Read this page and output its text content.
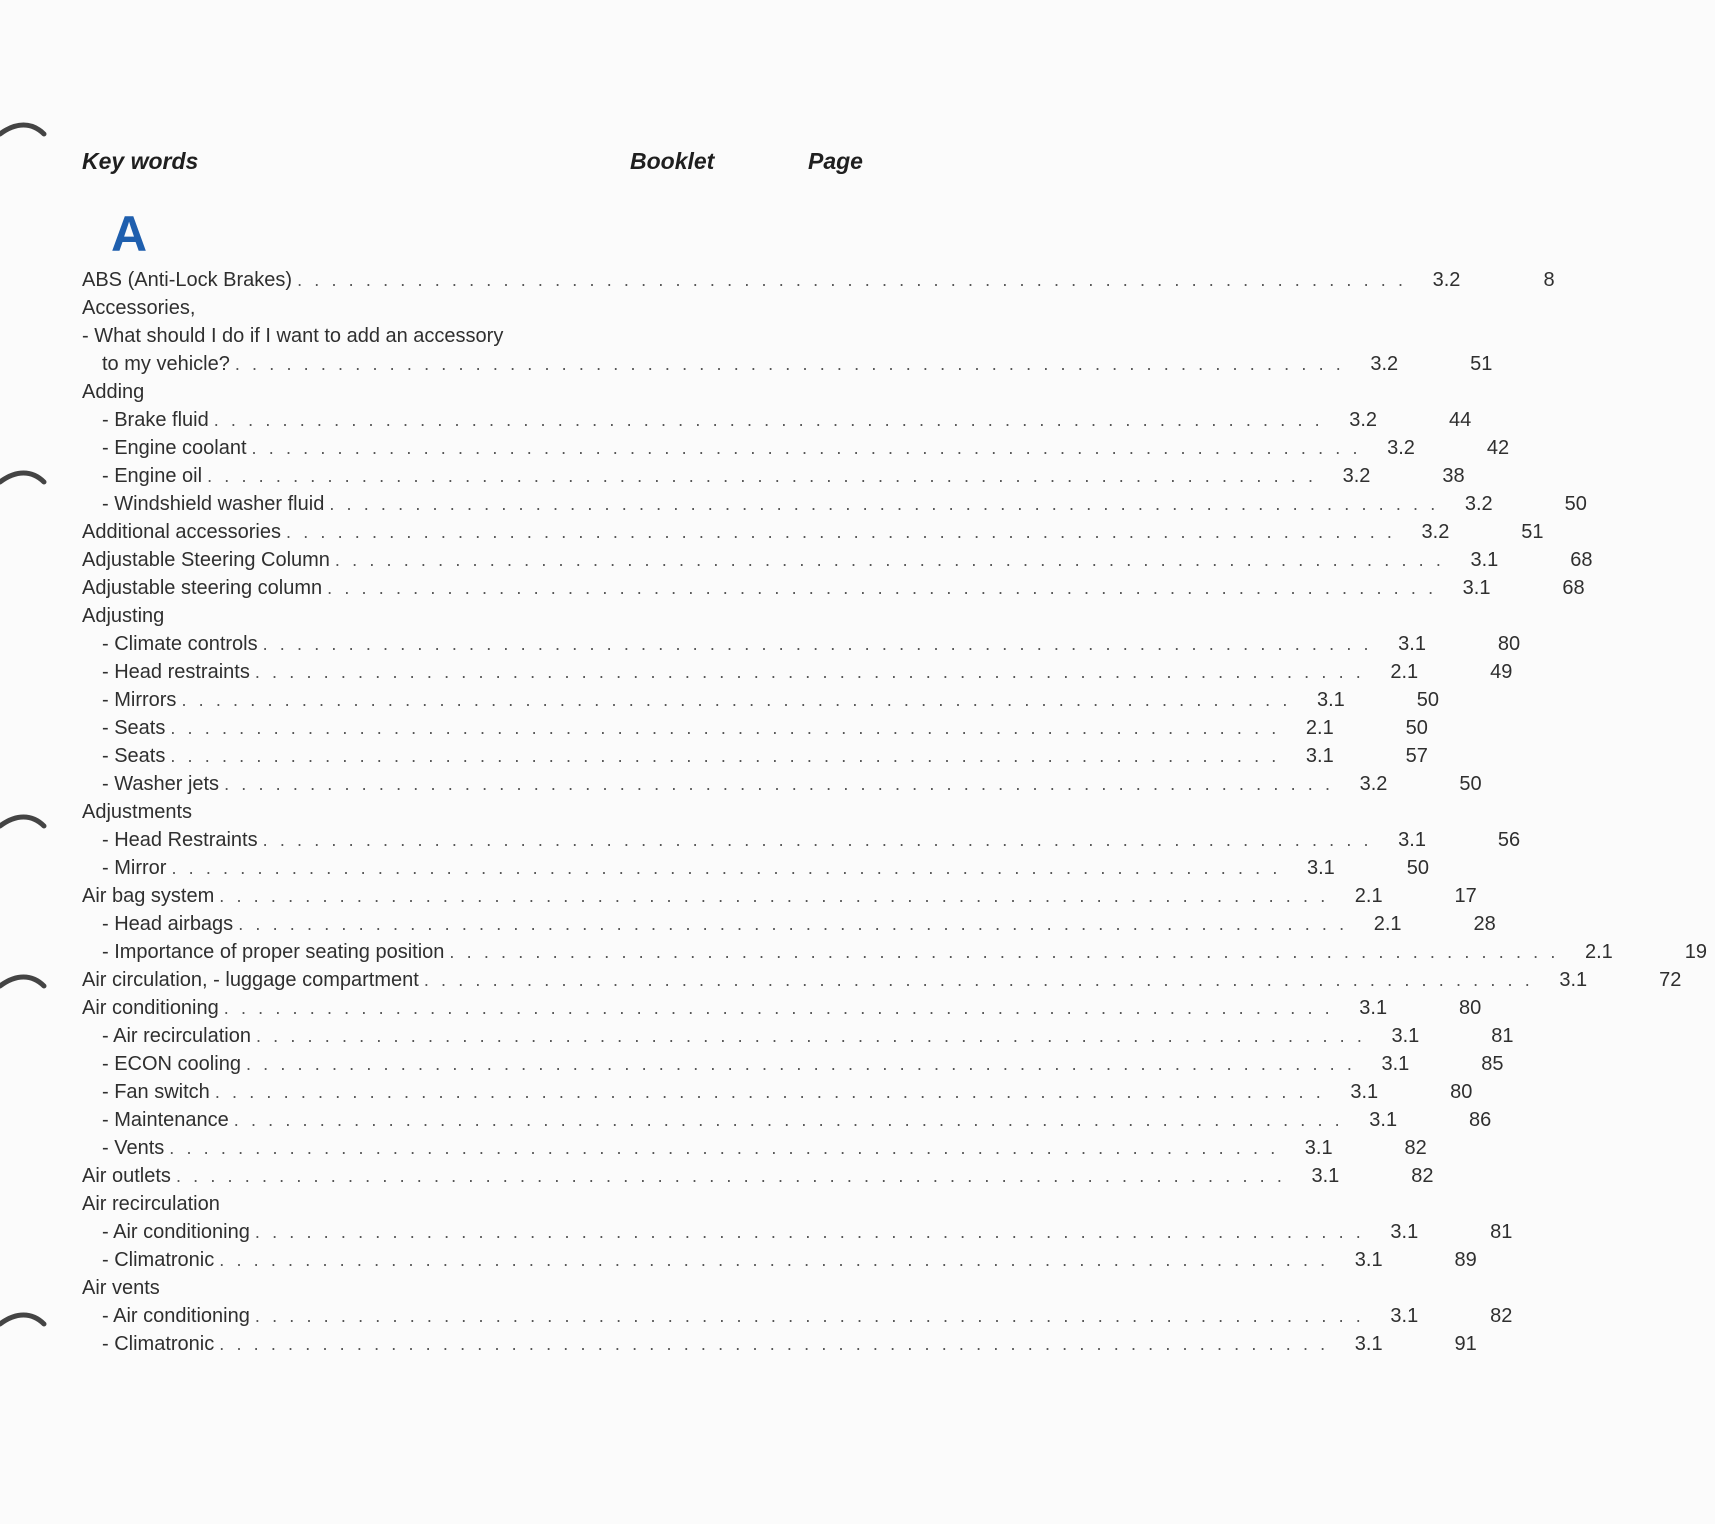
Key words	Booklet	Page
A
ABS (Anti-Lock Brakes) . . . . . . . . . . . . . . . . . . . . . . . . . . . . . . . . . . . . . . . . . . . . . . . . . . . . . . . . . . . . . . . . .	3.2	8
Accessories,
- What should I do if I want to add an accessory
to my vehicle? . . . . . . . . . . . . . . . . . . . . . . . . . . . . . . . . . . . . . . . . . . . . . . . . . . . . . . . . . . . . . . . . .	3.2	51
Adding
- Brake fluid . . . . . . . . . . . . . . . . . . . . . . . . . . . . . . . . . . . . . . . . . . . . . . . . . . . . . . . . . . . . . . . . .	3.2	44
- Engine coolant . . . . . . . . . . . . . . . . . . . . . . . . . . . . . . . . . . . . . . . . . . . . . . . . . . . . . . . . . . . . . . . . .	3.2	42
- Engine oil . . . . . . . . . . . . . . . . . . . . . . . . . . . . . . . . . . . . . . . . . . . . . . . . . . . . . . . . . . . . . . . . .	3.2	38
- Windshield washer fluid . . . . . . . . . . . . . . . . . . . . . . . . . . . . . . . . . . . . . . . . . . . . . . . . . . . . . . . . . . . . . . . . .	3.2	50
Additional accessories . . . . . . . . . . . . . . . . . . . . . . . . . . . . . . . . . . . . . . . . . . . . . . . . . . . . . . . . . . . . . . . . .	3.2	51
Adjustable Steering Column . . . . . . . . . . . . . . . . . . . . . . . . . . . . . . . . . . . . . . . . . . . . . . . . . . . . . . . . . . . . . . . . .	3.1	68
Adjustable steering column . . . . . . . . . . . . . . . . . . . . . . . . . . . . . . . . . . . . . . . . . . . . . . . . . . . . . . . . . . . . . . . . .	3.1	68
Adjusting
- Climate controls . . . . . . . . . . . . . . . . . . . . . . . . . . . . . . . . . . . . . . . . . . . . . . . . . . . . . . . . . . . . . . . . .	3.1	80
- Head restraints . . . . . . . . . . . . . . . . . . . . . . . . . . . . . . . . . . . . . . . . . . . . . . . . . . . . . . . . . . . . . . . . .	2.1	49
- Mirrors . . . . . . . . . . . . . . . . . . . . . . . . . . . . . . . . . . . . . . . . . . . . . . . . . . . . . . . . . . . . . . . . .	3.1	50
- Seats . . . . . . . . . . . . . . . . . . . . . . . . . . . . . . . . . . . . . . . . . . . . . . . . . . . . . . . . . . . . . . . . .	2.1	50
- Seats . . . . . . . . . . . . . . . . . . . . . . . . . . . . . . . . . . . . . . . . . . . . . . . . . . . . . . . . . . . . . . . . .	3.1	57
- Washer jets . . . . . . . . . . . . . . . . . . . . . . . . . . . . . . . . . . . . . . . . . . . . . . . . . . . . . . . . . . . . . . . . .	3.2	50
Adjustments
- Head Restraints . . . . . . . . . . . . . . . . . . . . . . . . . . . . . . . . . . . . . . . . . . . . . . . . . . . . . . . . . . . . . . . . .	3.1	56
- Mirror . . . . . . . . . . . . . . . . . . . . . . . . . . . . . . . . . . . . . . . . . . . . . . . . . . . . . . . . . . . . . . . . .	3.1	50
Air bag system . . . . . . . . . . . . . . . . . . . . . . . . . . . . . . . . . . . . . . . . . . . . . . . . . . . . . . . . . . . . . . . . .	2.1	17
- Head airbags . . . . . . . . . . . . . . . . . . . . . . . . . . . . . . . . . . . . . . . . . . . . . . . . . . . . . . . . . . . . . . . . .	2.1	28
- Importance of proper seating position . . . . . . . . . . . . . . . . . . . . . . . . . . . . . . . . . . . . . . . . . . . . . . . . . . . . . . . . . . . . . . . . .	2.1	19
Air circulation, - luggage compartment . . . . . . . . . . . . . . . . . . . . . . . . . . . . . . . . . . . . . . . . . . . . . . . . . . . . . . . . . . . . . . . . .	3.1	72
Air conditioning . . . . . . . . . . . . . . . . . . . . . . . . . . . . . . . . . . . . . . . . . . . . . . . . . . . . . . . . . . . . . . . . .	3.1	80
- Air recirculation . . . . . . . . . . . . . . . . . . . . . . . . . . . . . . . . . . . . . . . . . . . . . . . . . . . . . . . . . . . . . . . . .	3.1	81
- ECON cooling . . . . . . . . . . . . . . . . . . . . . . . . . . . . . . . . . . . . . . . . . . . . . . . . . . . . . . . . . . . . . . . . .	3.1	85
- Fan switch . . . . . . . . . . . . . . . . . . . . . . . . . . . . . . . . . . . . . . . . . . . . . . . . . . . . . . . . . . . . . . . . .	3.1	80
- Maintenance . . . . . . . . . . . . . . . . . . . . . . . . . . . . . . . . . . . . . . . . . . . . . . . . . . . . . . . . . . . . . . . . .	3.1	86
- Vents . . . . . . . . . . . . . . . . . . . . . . . . . . . . . . . . . . . . . . . . . . . . . . . . . . . . . . . . . . . . . . . . .	3.1	82
Air outlets . . . . . . . . . . . . . . . . . . . . . . . . . . . . . . . . . . . . . . . . . . . . . . . . . . . . . . . . . . . . . . . . .	3.1	82
Air recirculation
- Air conditioning . . . . . . . . . . . . . . . . . . . . . . . . . . . . . . . . . . . . . . . . . . . . . . . . . . . . . . . . . . . . . . . . .	3.1	81
- Climatronic . . . . . . . . . . . . . . . . . . . . . . . . . . . . . . . . . . . . . . . . . . . . . . . . . . . . . . . . . . . . . . . . .	3.1	89
Air vents
- Air conditioning . . . . . . . . . . . . . . . . . . . . . . . . . . . . . . . . . . . . . . . . . . . . . . . . . . . . . . . . . . . . . . . . .	3.1	82
- Climatronic . . . . . . . . . . . . . . . . . . . . . . . . . . . . . . . . . . . . . . . . . . . . . . . . . . . . . . . . . . . . . . . . .	3.1	91
